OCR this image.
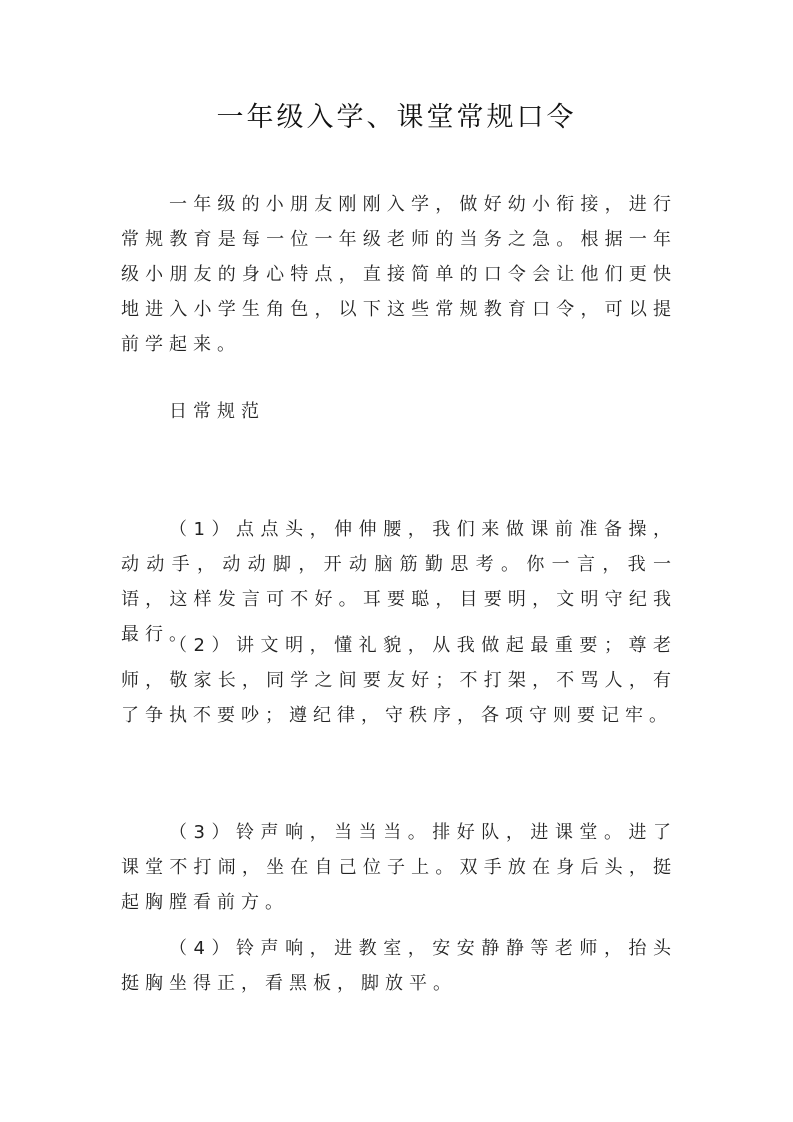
一年级入学、课堂常规口令

一年级的小朋友刚刚入学，做好幼小衔接，进行常规教育是每一位一年级老师的当务之急。根据一年级小朋友的身心特点，直接简单的口令会让他们更快地进入小学生角色，以下这些常规教育口令，可以提前学起来。

日常规范

（1）点点头，伸伸腰，我们来做课前准备操，动动手，动动脚，开动脑筋勤思考。你一言，我一语，这样发言可不好。耳要聪，目要明，文明守纪我最行。

（2）讲文明，懂礼貌，从我做起最重要；尊老师，敬家长，同学之间要友好；不打架，不骂人，有了争执不要吵；遵纪律，守秩序，各项守则要记牢。

（3）铃声响，当当当。排好队，进课堂。进了课堂不打闹，坐在自己位子上。双手放在身后头，挺起胸膛看前方。

（4）铃声响，进教室，安安静静等老师，抬头挺胸坐得正，看黑板，脚放平。
